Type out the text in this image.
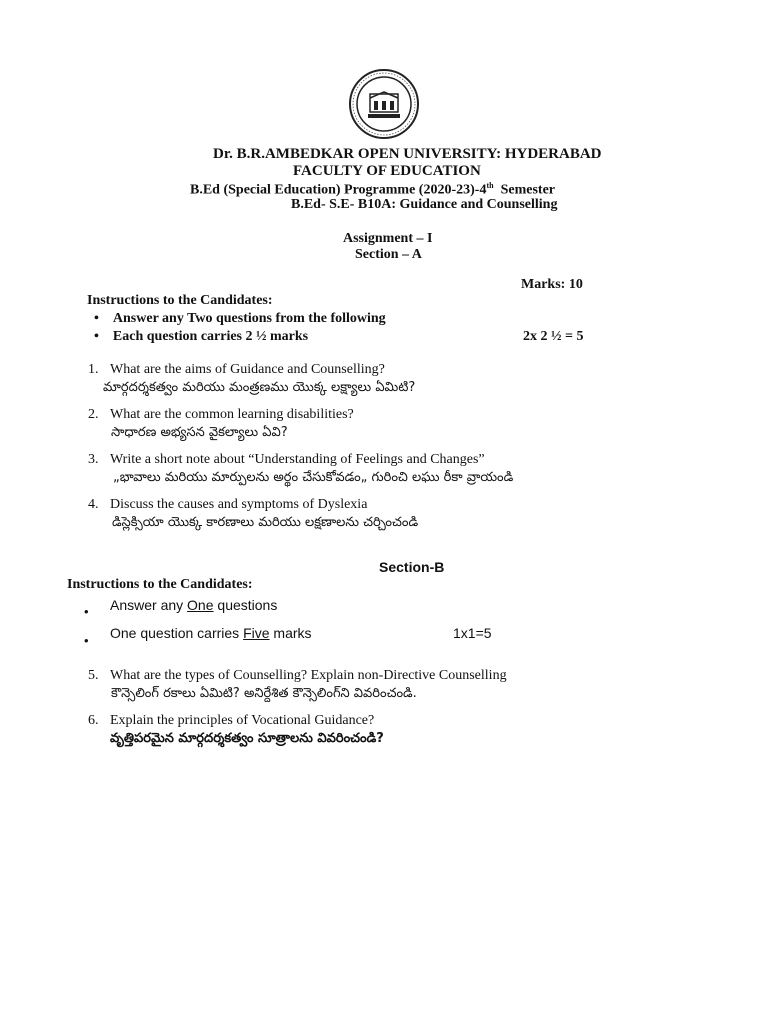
Dr. B.R.AMBEDKAR OPEN UNIVERSITY: HYDERABAD
FACULTY OF EDUCATION
B.Ed (Special Education) Programme (2020-23)-4th Semester
B.Ed- S.E- B10A: Guidance and Counselling
Assignment – I
Section – A
Marks: 10
Instructions to the Candidates:
• Answer any Two questions from the following
• Each question carries 2 ½ marks	2x 2 ½ = 5
1. What are the aims of Guidance and Counselling?
మార్గదర్శకత్వం మరియు మంత్రణము యొక్క లక్ష్యాలు ఏమిటి?
2. What are the common learning disabilities?
సాధారణ అభ్యసన వైకల్యాలు ఏవి?
3. Write a short note about “Understanding of Feelings and Changes”
„భావాలు మరియు మార్పులను అర్థం చేసుకోవడం„ గురించి లఘు రీకా వ్రాయండి
4. Discuss the causes and symptoms of Dyslexia
డిస్లెక్సియా యొక్క కారణాలు మరియు లక్షణాలను చర్చించండి
Section-B
Instructions to the Candidates:
• Answer any One questions
• One question carries Five marks	1x1=5
5. What are the types of Counselling? Explain non-Directive Counselling
కౌన్సెలింగ్ రకాలు ఏమిటి? అనిర్దేశిత కౌన్సెలింగ్‌ని వివరించండి.
6. Explain the principles of Vocational Guidance?
వృత్తిపరమైన మార్గదర్శకత్వం సూత్రాలను వివరించండి?
